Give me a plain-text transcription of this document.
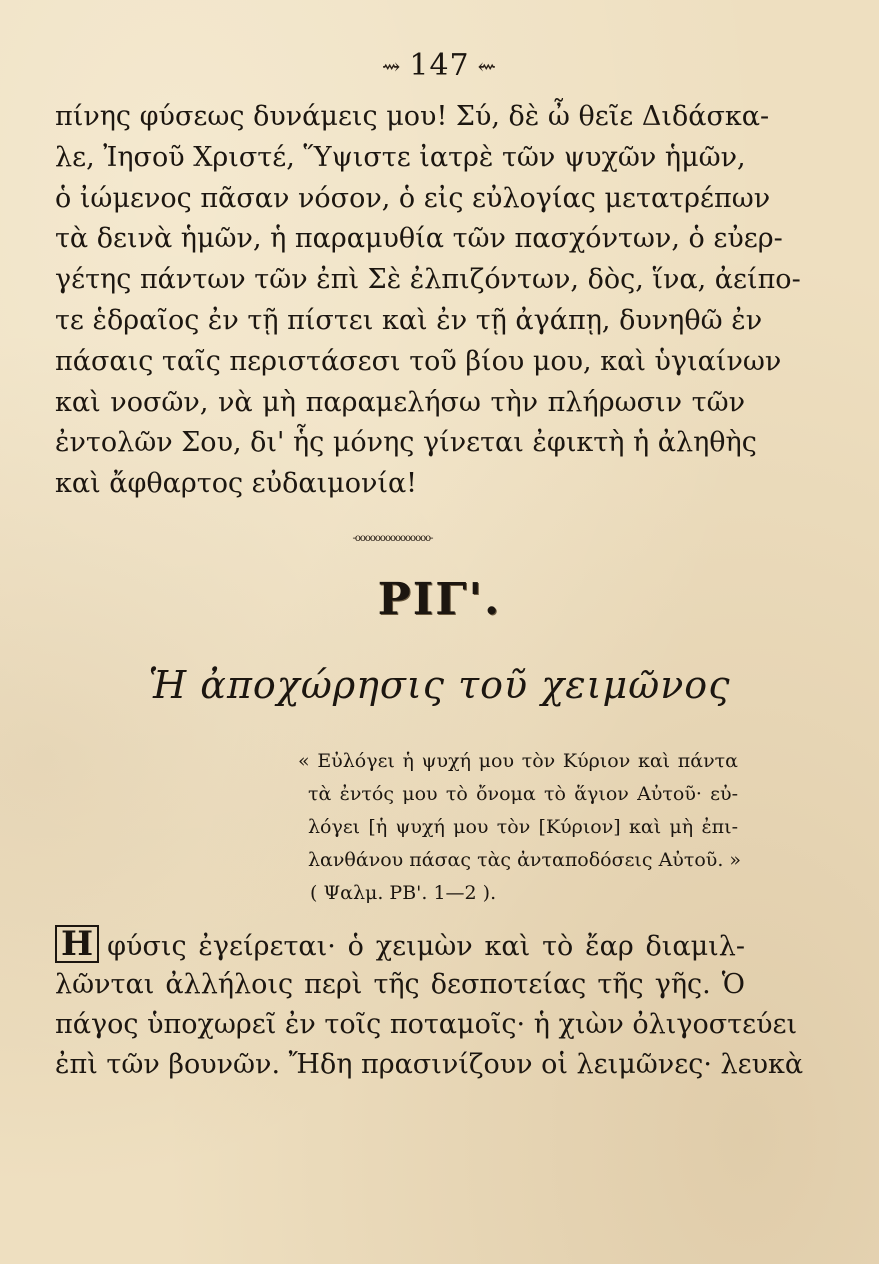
⇝ 147 ⇜
πίνης φύσεως δυνάμεις μου! Σύ, δὲ ὦ θεῖε Διδάσκα-
λε, Ἰησοῦ Χριστέ, Ὕψιστε ἰατρὲ τῶν ψυχῶν ἡμῶν,
ὁ ἰώμενος πᾶσαν νόσον, ὁ εἰς εὐλογίας μετατρέπων
τὰ δεινὰ ἡμῶν, ἡ παραμυθία τῶν πασχόντων, ὁ εὐερ-
γέτης πάντων τῶν ἐπὶ Σὲ ἐλπιζόντων, δὸς, ἵνα, ἀείπο-
τε ἑδραῖος ἐν τῇ πίστει καὶ ἐν τῇ ἀγάπῃ, δυνηθῶ ἐν
πάσαις ταῖς περιστάσεσι τοῦ βίου μου, καὶ ὑγιαίνων
καὶ νοσῶν, νὰ μὴ παραμελήσω τὴν πλήρωσιν τῶν
ἐντολῶν Σου, δι' ἧς μόνης γίνεται ἐφικτὴ ἡ ἀληθὴς
καὶ ἄφθαρτος εὐδαιμονία!
-ooooooooooooooo-
ΡΙΓ'.
Ἡ ἀποχώρησις τοῦ χειμῶνος
« Εὐλόγει ἡ ψυχή μου τὸν Κύριον καὶ πάντα
τὰ ἐντός μου τὸ ὄνομα τὸ ἅγιον Αὐτοῦ· εὐ-
λόγει [ἡ ψυχή μου τὸν [Κύριον] καὶ μὴ ἐπι-
λανθάνου πάσας τὰς ἀνταποδόσεις Αὐτοῦ. »
( Ψαλμ. ΡΒ'. 1—2 ).
Η φύσις ἐγείρεται· ὁ χειμὼν καὶ τὸ ἔαρ διαμιλ-
λῶνται ἀλλήλοις περὶ τῆς δεσποτείας τῆς γῆς. Ὁ
πάγος ὑποχωρεῖ ἐν τοῖς ποταμοῖς· ἡ χιὼν ὀλιγοστεύει
ἐπὶ τῶν βουνῶν. Ἤδη πρασινίζουν οἱ λειμῶνες· λευκὰ
